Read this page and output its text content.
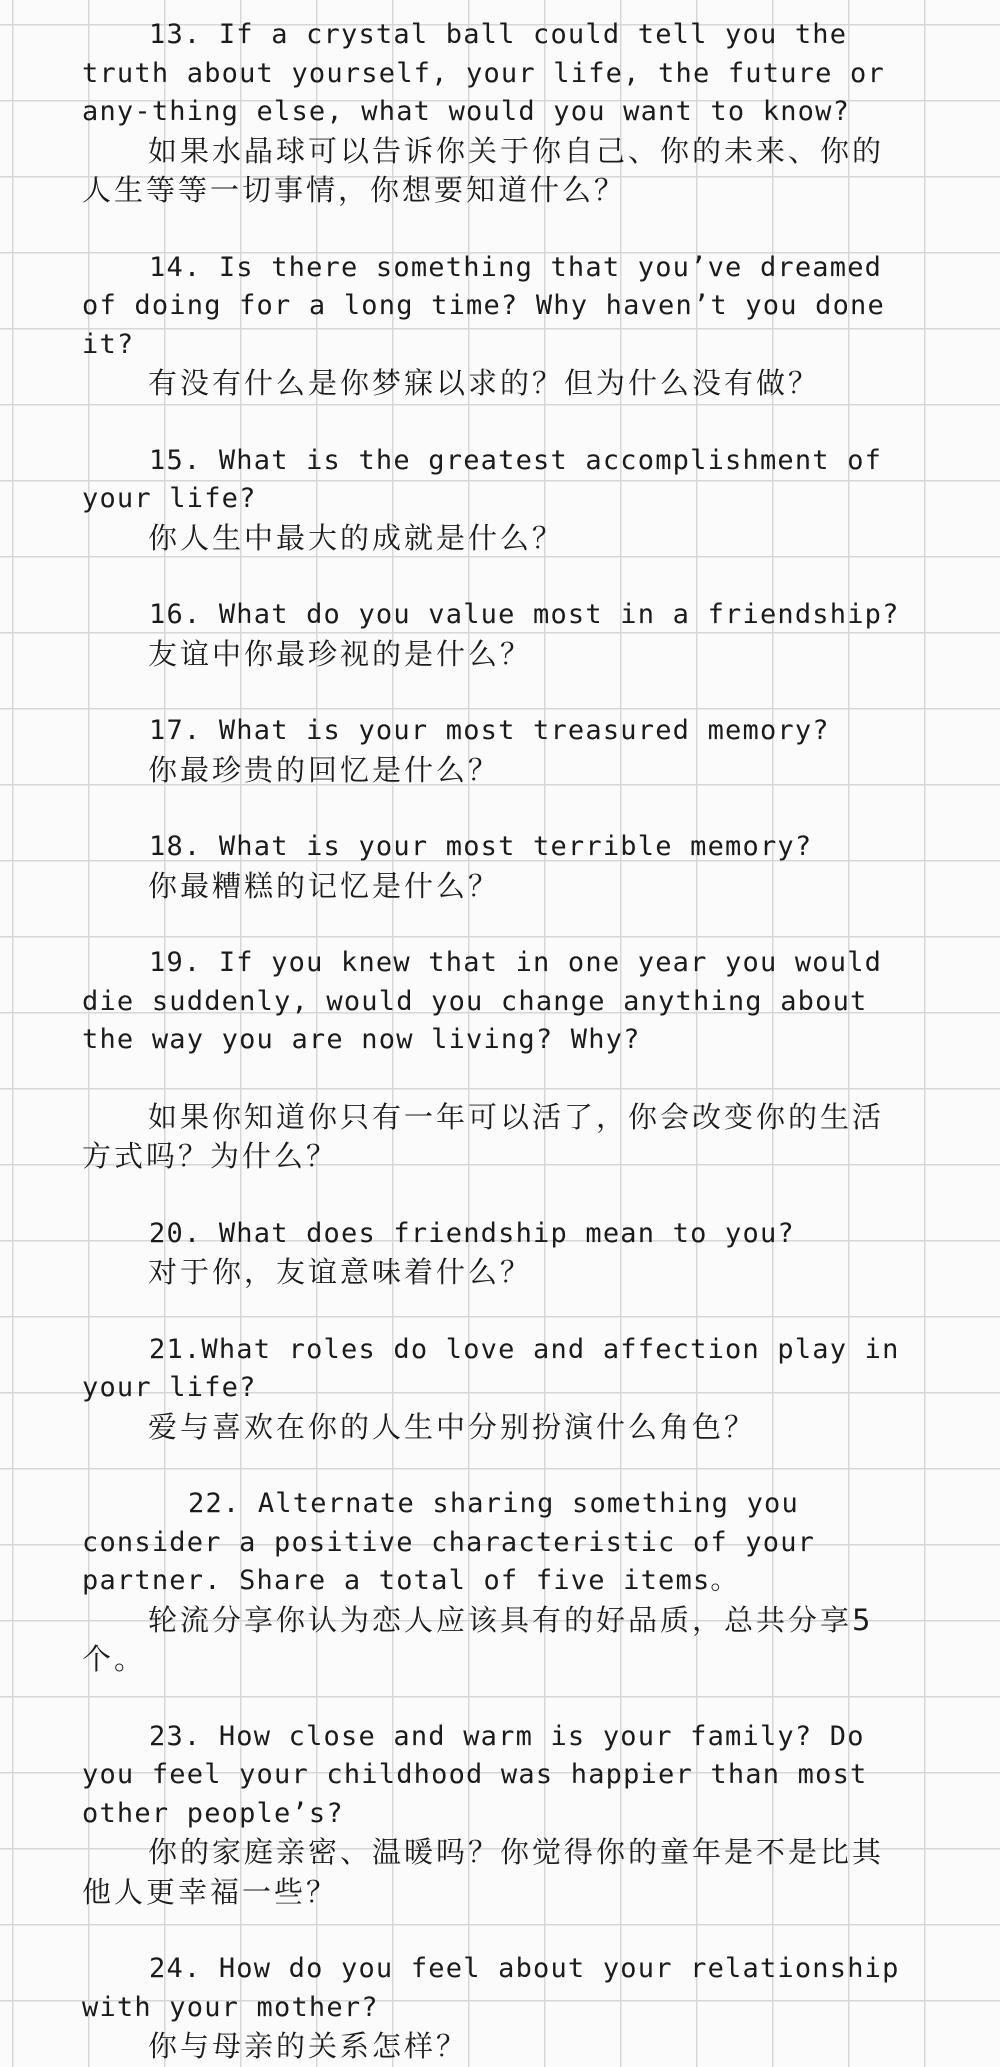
13. If a crystal ball could tell you the truth about yourself, your life, the future or any-thing else, what would you want to know?

如果水晶球可以告诉你关于你自己、你的未来、你的人生等等一切事情，你想要知道什么？

14. Is there something that you’ve dreamed of doing for a long time? Why haven’t you done it?

有没有什么是你梦寐以求的？但为什么没有做？

15. What is the greatest accomplishment of your life?

你人生中最大的成就是什么？

16. What do you value most in a friendship?

友谊中你最珍视的是什么？

17. What is your most treasured memory?

你最珍贵的回忆是什么？

18. What is your most terrible memory?

你最糟糕的记忆是什么？

19. If you knew that in one year you would die suddenly, would you change anything about the way you are now living? Why?

如果你知道你只有一年可以活了，你会改变你的生活方式吗？为什么？

20. What does friendship mean to you?

对于你，友谊意味着什么？

21.What roles do love and affection play in your life?

爱与喜欢在你的人生中分别扮演什么角色？

22. Alternate sharing something you consider a positive characteristic of your partner. Share a total of five items。

轮流分享你认为恋人应该具有的好品质，总共分享5个。

23. How close and warm is your family? Do you feel your childhood was happier than most other people’s?

你的家庭亲密、温暖吗？你觉得你的童年是不是比其他人更幸福一些？

24. How do you feel about your relationship with your mother?

你与母亲的关系怎样？
